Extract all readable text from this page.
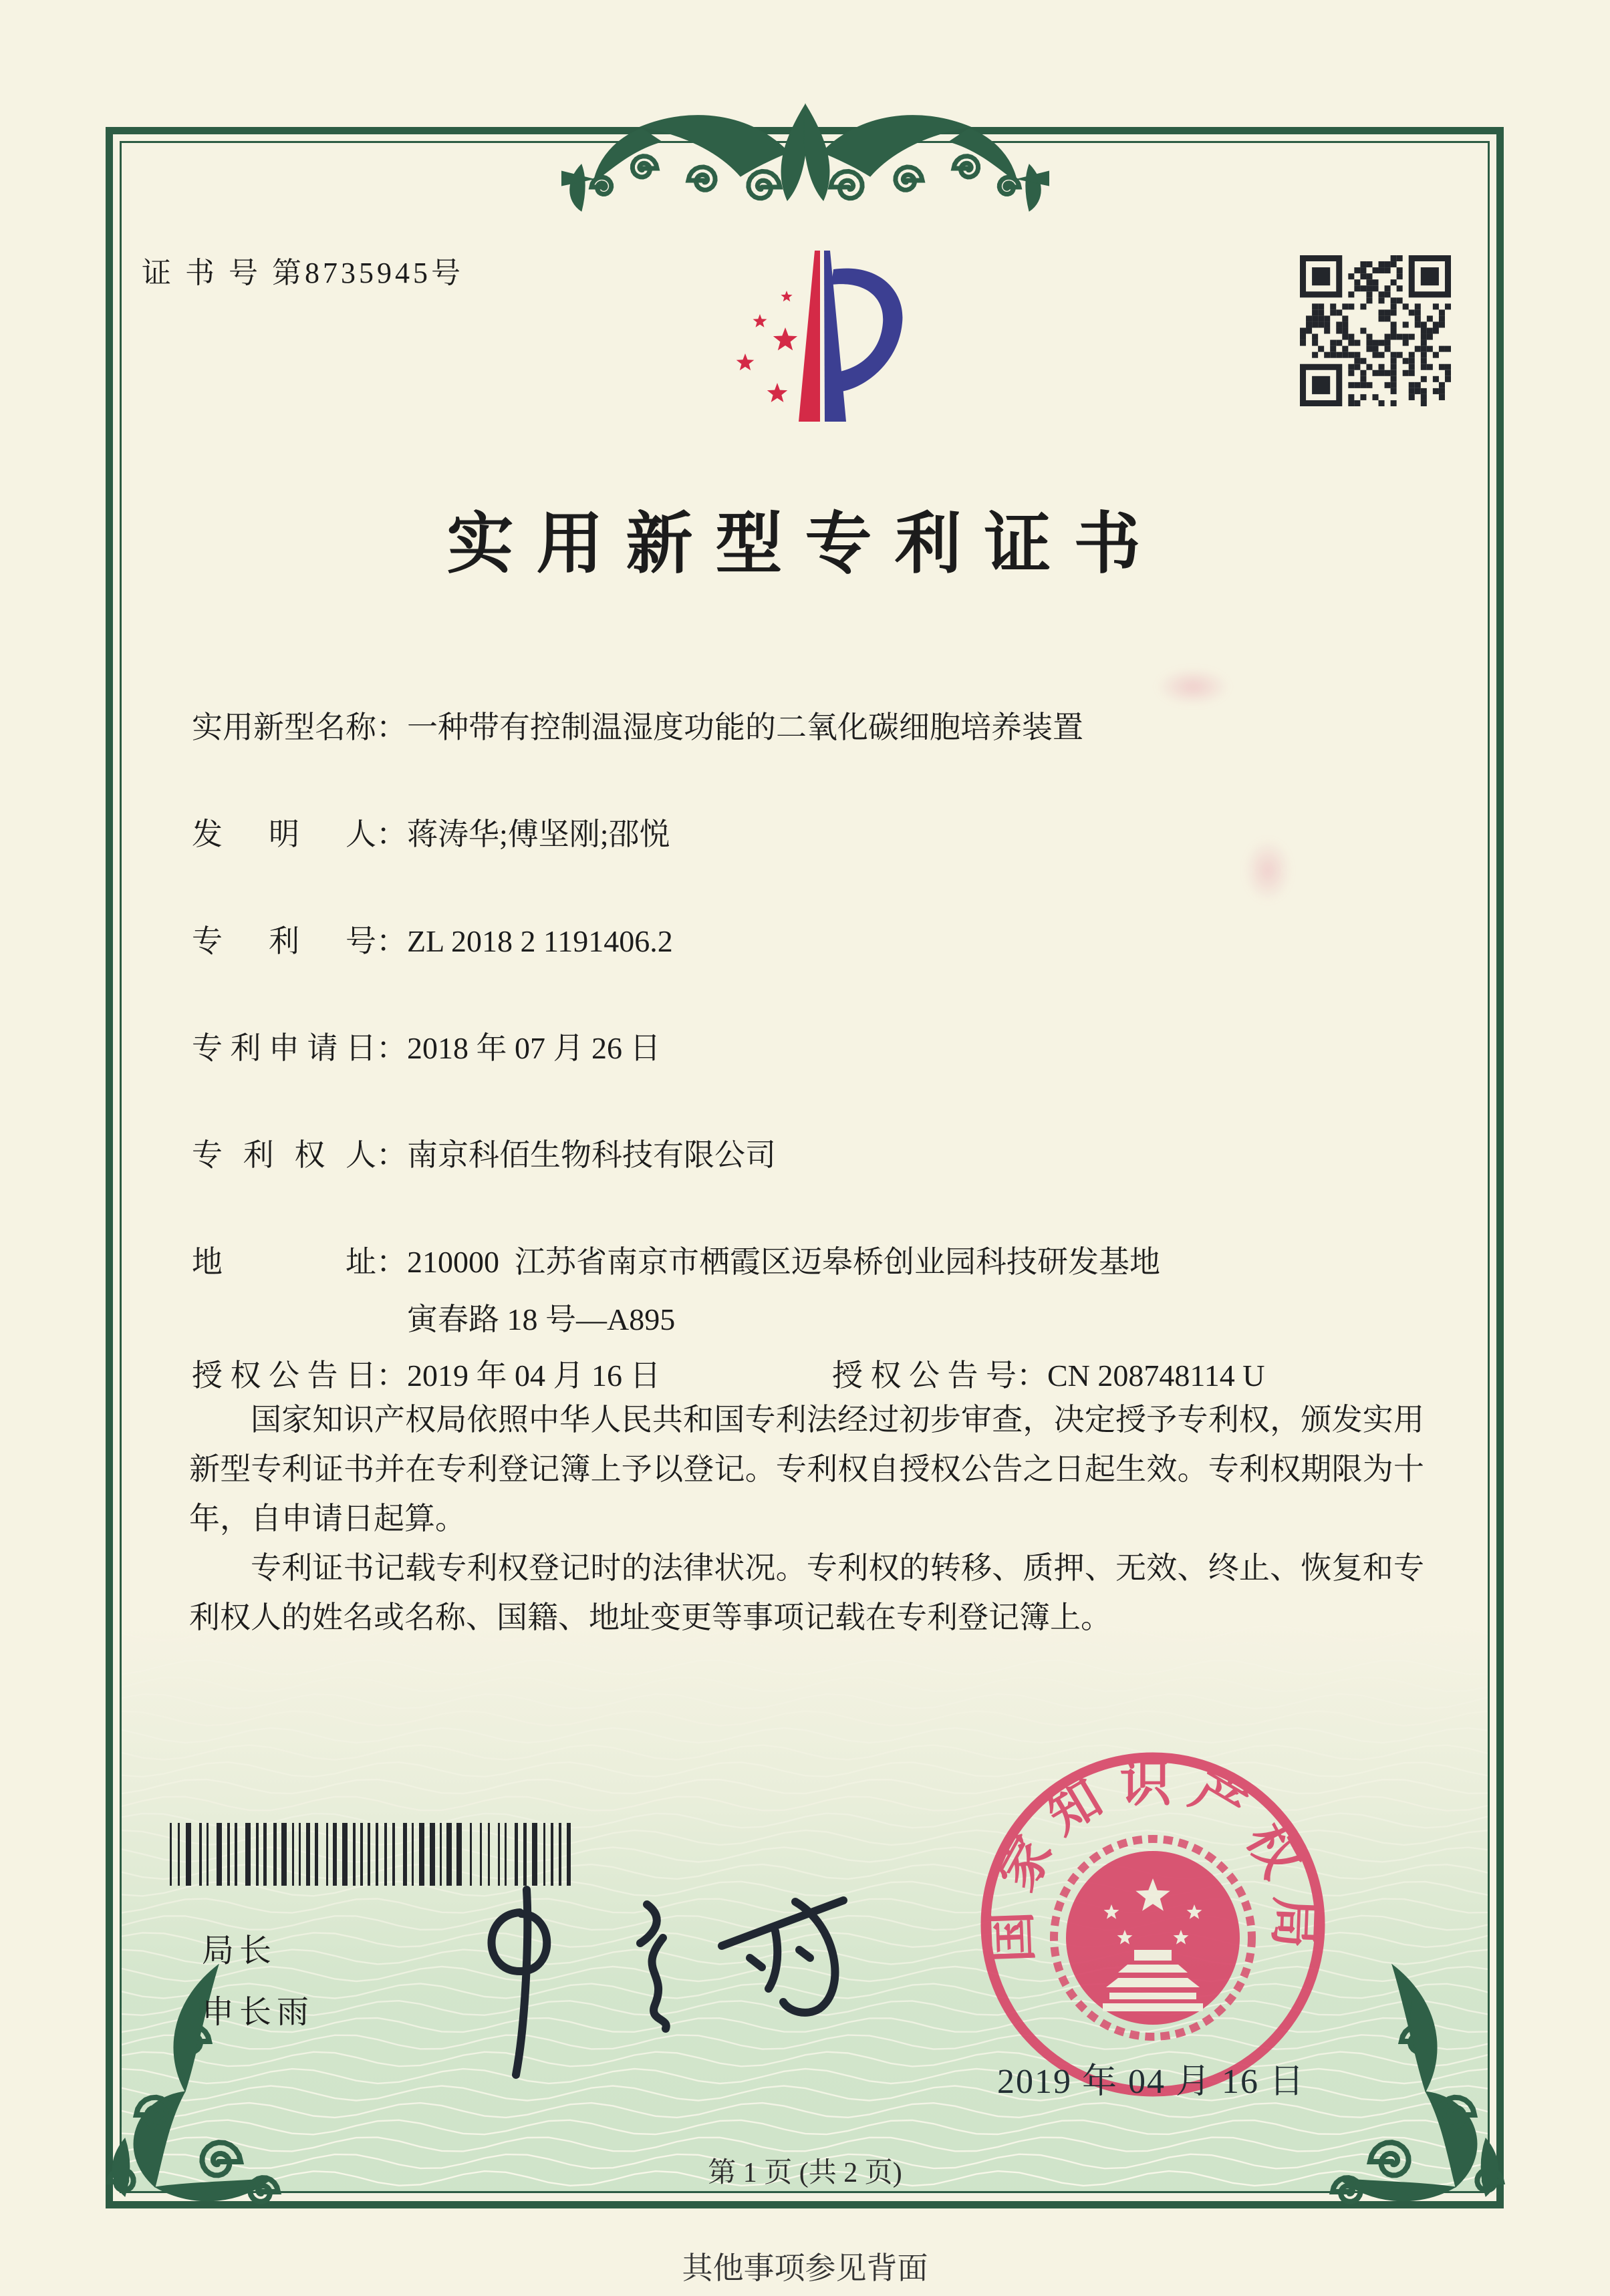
证 书 号 第8735945号
实用新型专利证书
实用新型名称：一种带有控制温湿度功能的二氧化碳细胞培养装置
发明人：蒋涛华;傅坚刚;邵悦
专利号：ZL 2018 2 1191406.2
专利申请日：2018 年 07 月 26 日
专利权人：南京科佰生物科技有限公司
地址：210000  江苏省南京市栖霞区迈皋桥创业园科技研发基地
寅春路 18 号—A895
授权公告日：2019 年 04 月 16 日	授权公告号：CN 208748114 U

国家知识产权局依照中华人民共和国专利法经过初步审查，决定授予专利权，颁发实用新型专利证书并在专利登记簿上予以登记。专利权自授权公告之日起生效。专利权期限为十年，自申请日起算。

专利证书记载专利权登记时的法律状况。专利权的转移、质押、无效、终止、恢复和专利权人的姓名或名称、国籍、地址变更等事项记载在专利登记簿上。

局长
申长雨
国家知识产权局
2019 年 04 月 16 日
第 1 页 (共 2 页)
其他事项参见背面
